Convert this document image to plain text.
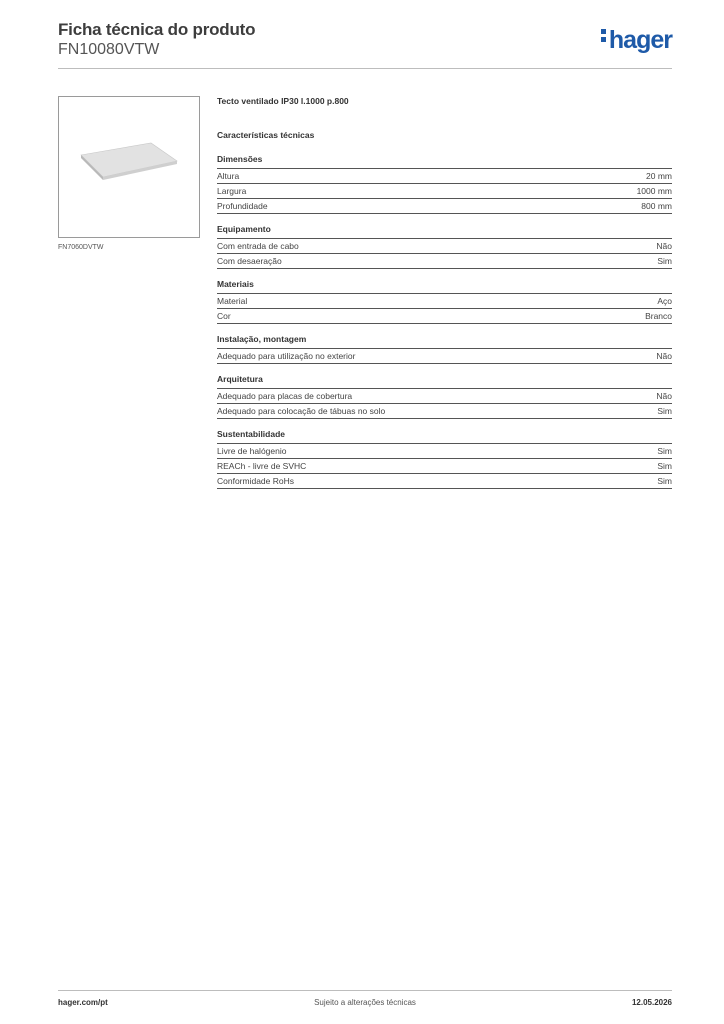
Ficha técnica do produto
FN10080VTW	hager
FN7060DVTW
Tecto ventilado IP30 l.1000 p.800
Características técnicas
Dimensões
Altura	20 mm
Largura	1000 mm
Profundidade	800 mm
Equipamento
Com entrada de cabo	Não
Com desaeração	Sim
Materiais
Material	Aço
Cor	Branco
Instalação, montagem
Adequado para utilização no exterior	Não
Arquitetura
Adequado para placas de cobertura	Não
Adequado para colocação de tábuas no solo	Sim
Sustentabilidade
Livre de halógenio	Sim
REACh - livre de SVHC	Sim
Conformidade RoHs	Sim
hager.com/pt	Sujeito a alterações técnicas	12.05.2026
